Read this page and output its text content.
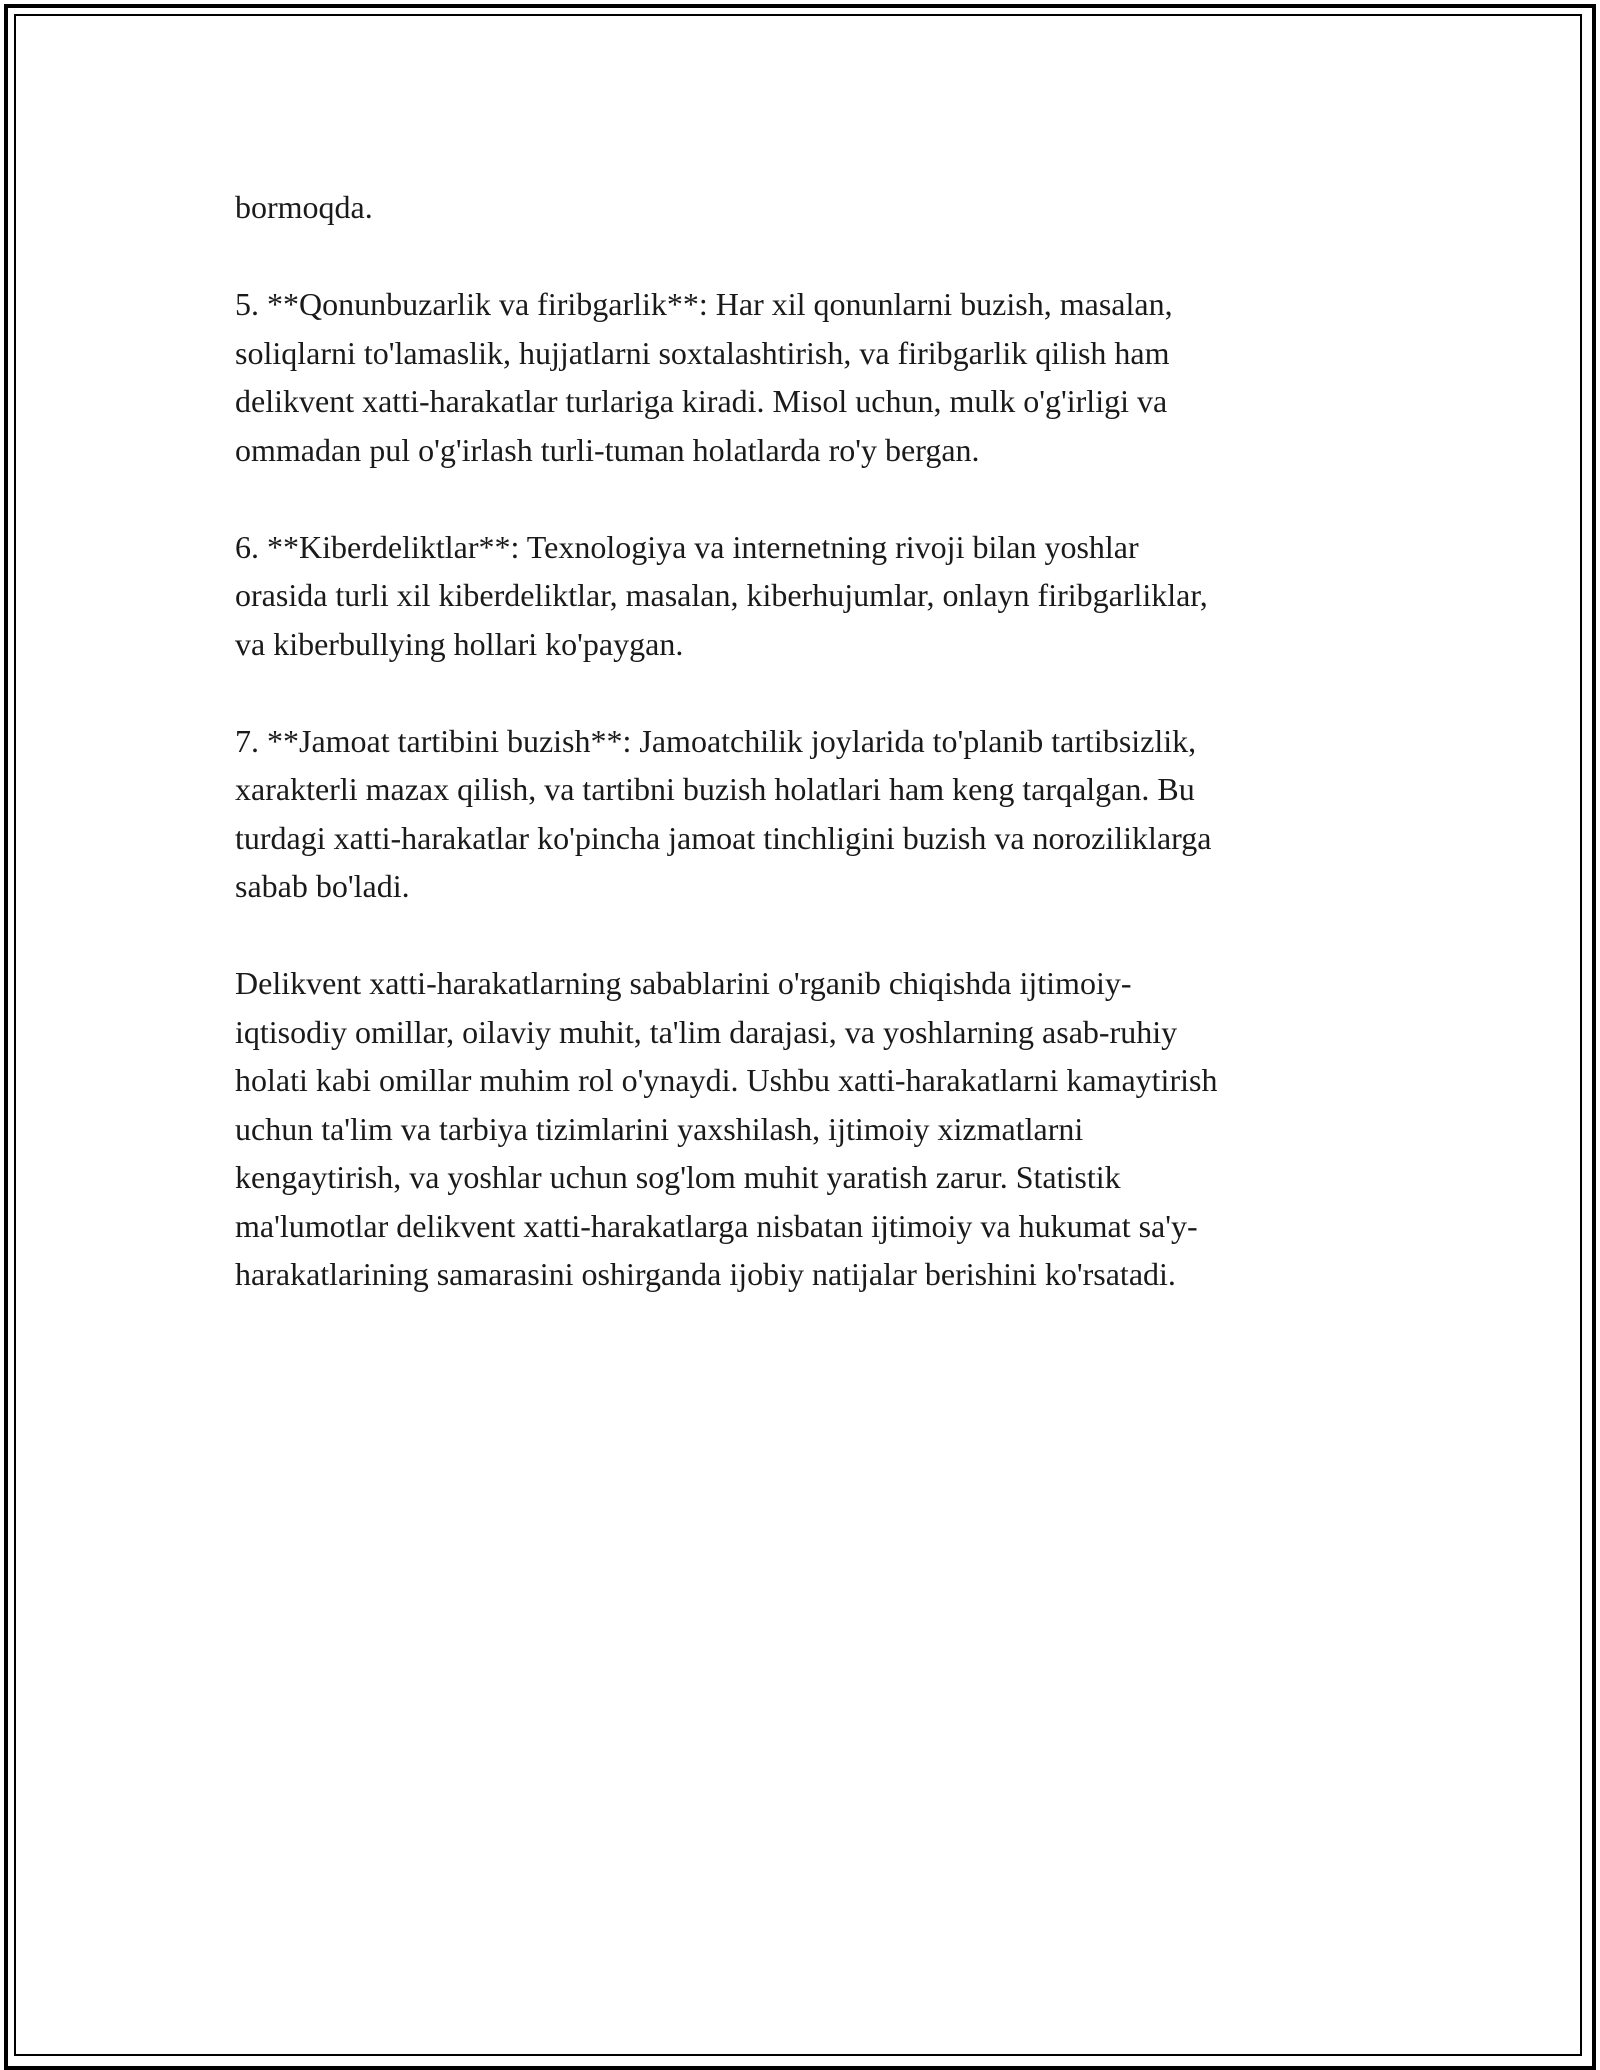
bormoqda.

5. **Qonunbuzarlik va firibgarlik**: Har xil qonunlarni buzish, masalan,
soliqlarni to'lamaslik, hujjatlarni soxtalashtirish, va firibgarlik qilish ham
delikvent xatti-harakatlar turlariga kiradi. Misol uchun, mulk o'g'irligi va
ommadan pul o'g'irlash turli-tuman holatlarda ro'y bergan.

6. **Kiberdeliktlar**: Texnologiya va internetning rivoji bilan yoshlar
orasida turli xil kiberdeliktlar, masalan, kiberhujumlar, onlayn firibgarliklar,
va kiberbullying hollari ko'paygan.

7. **Jamoat tartibini buzish**: Jamoatchilik joylarida to'planib tartibsizlik,
xarakterli mazax qilish, va tartibni buzish holatlari ham keng tarqalgan. Bu
turdagi xatti-harakatlar ko'pincha jamoat tinchligini buzish va noroziliklarga
sabab bo'ladi.

Delikvent xatti-harakatlarning sabablarini o'rganib chiqishda ijtimoiy-
iqtisodiy omillar, oilaviy muhit, ta'lim darajasi, va yoshlarning asab-ruhiy
holati kabi omillar muhim rol o'ynaydi. Ushbu xatti-harakatlarni kamaytirish
uchun ta'lim va tarbiya tizimlarini yaxshilash, ijtimoiy xizmatlarni
kengaytirish, va yoshlar uchun sog'lom muhit yaratish zarur. Statistik
ma'lumotlar delikvent xatti-harakatlarga nisbatan ijtimoiy va hukumat sa'y-
harakatlarining samarasini oshirganda ijobiy natijalar berishini ko'rsatadi.
